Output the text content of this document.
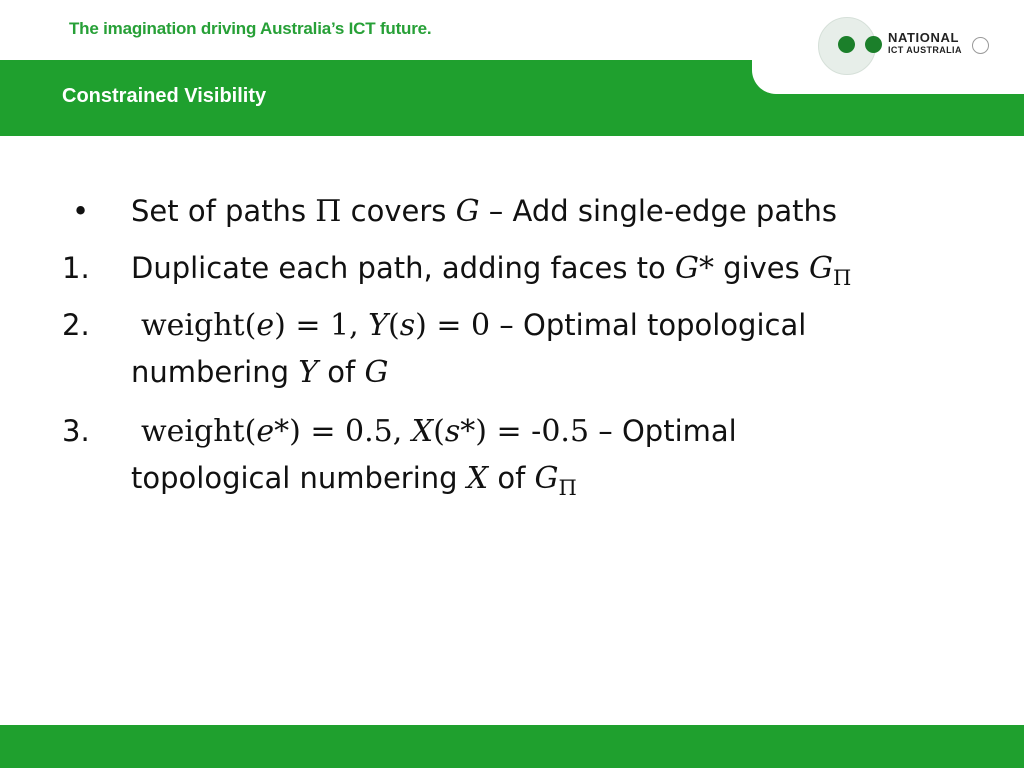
The imagination driving Australia’s ICT future.
Constrained Visibility
NATIONAL
ICT AUSTRALIA
• Set of paths Π covers G – Add single-edge paths
1. Duplicate each path, adding faces to G* gives $G_\Pi$
2.	weight(e) = 1, Y(s) = 0 – Optimal topological
numbering Y of G
3.	weight(e*) = 0.5, X(s*) = -0.5 – Optimal
topological numbering X of $G_\Pi$
